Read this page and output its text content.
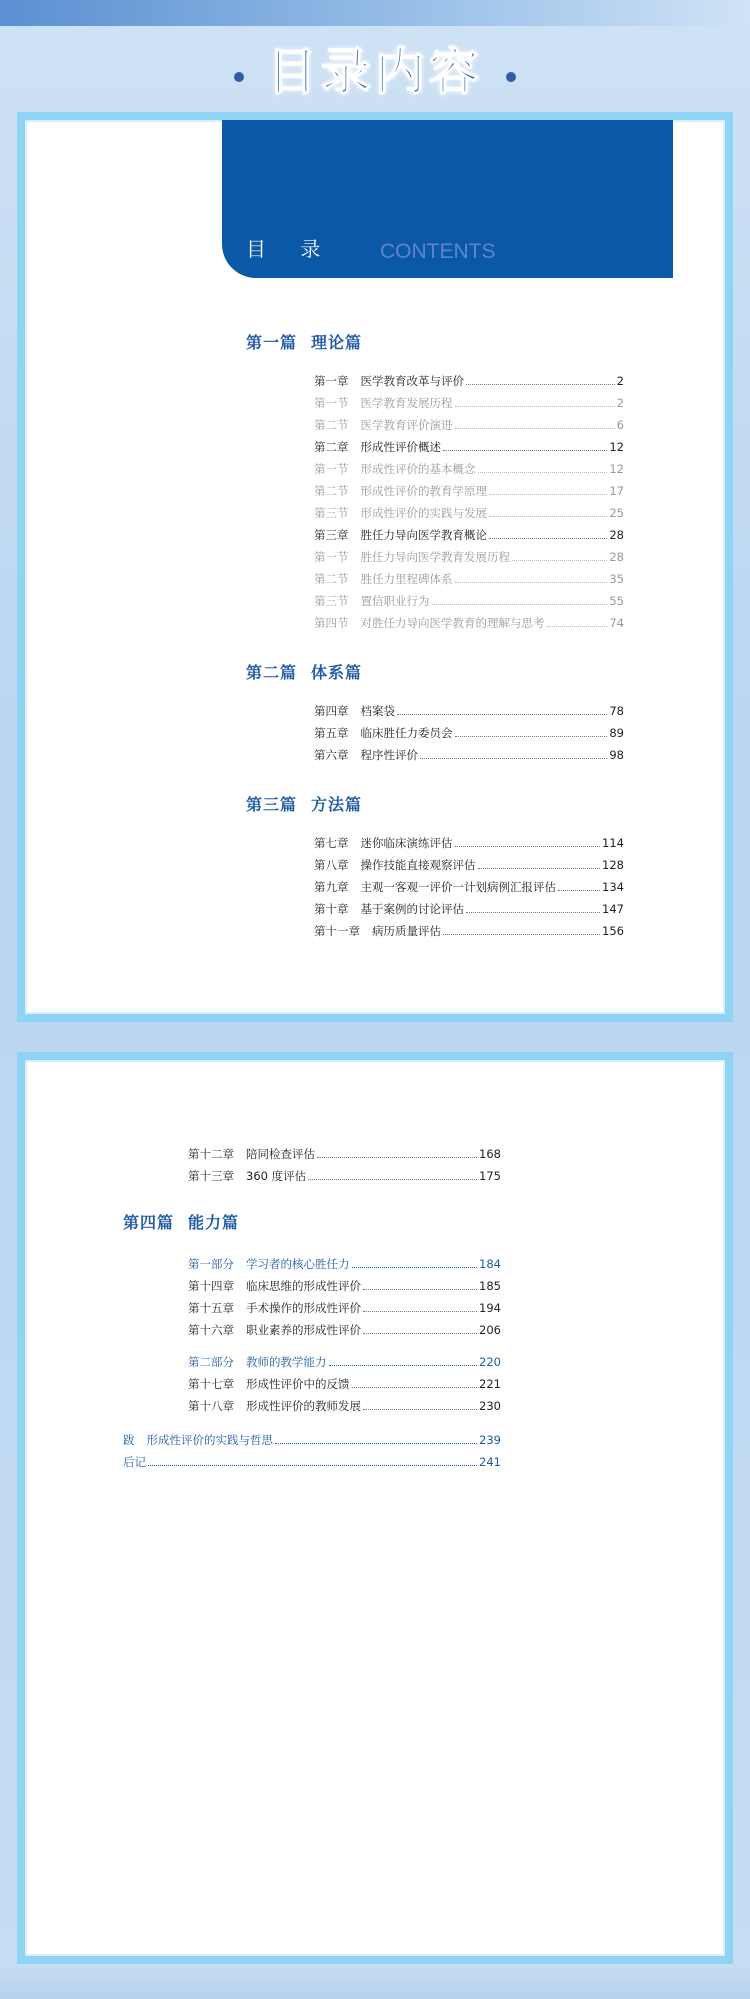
目录内容
目 录 CONTENTS
第一篇 理论篇
第一章 医学教育改革与评价	2
第一节 医学教育发展历程	2
第二节 医学教育评价演进	6
第二章 形成性评价概述	12
第一节 形成性评价的基本概念	12
第二节 形成性评价的教育学原理	17
第三节 形成性评价的实践与发展	25
第三章 胜任力导向医学教育概论	28
第一节 胜任力导向医学教育发展历程	28
第二节 胜任力里程碑体系	35
第三节 置信职业行为	55
第四节 对胜任力导向医学教育的理解与思考	74
第二篇 体系篇
第四章 档案袋	78
第五章 临床胜任力委员会	89
第六章 程序性评价	98
第三篇 方法篇
第七章 迷你临床演练评估	114
第八章 操作技能直接观察评估	128
第九章 主观一客观一评价一计划病例汇报评估	134
第十章 基于案例的讨论评估	147
第十一章 病历质量评估	156
第十二章 陪同检查评估	168
第十三章 360 度评估	175
第四篇 能力篇
第一部分 学习者的核心胜任力	184
第十四章 临床思维的形成性评价	185
第十五章 手术操作的形成性评价	194
第十六章 职业素养的形成性评价	206
第二部分 教师的教学能力	220
第十七章 形成性评价中的反馈	221
第十八章 形成性评价的教师发展	230
跋 形成性评价的实践与哲思	239
后记	241
